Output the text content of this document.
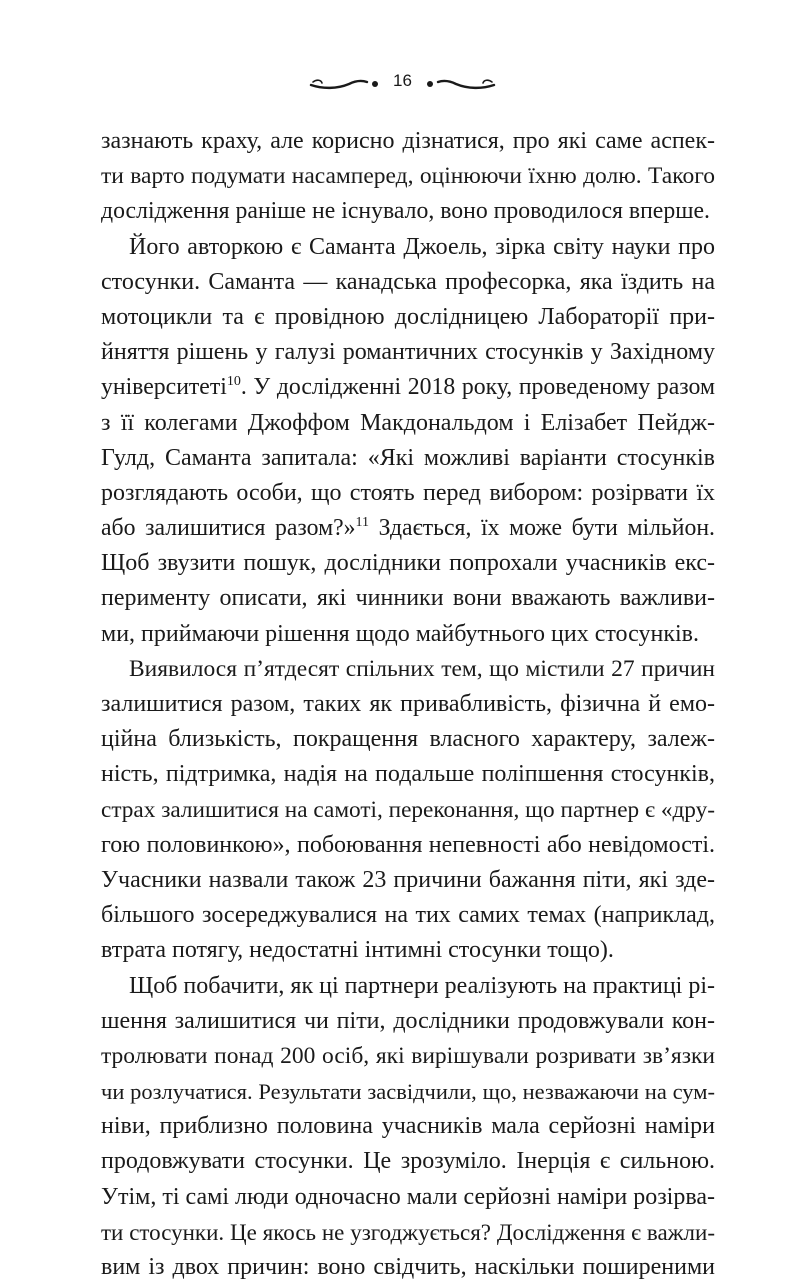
16
зазнають краху, але корисно дізнатися, про які саме аспек-
ти варто подумати насамперед, оцінюючи їхню долю. Такого
дослідження раніше не існувало, воно проводилося вперше.
Його авторкою є Саманта Джоель, зірка світу науки про
стосунки. Саманта — канадська професорка, яка їздить на
мотоцикли та є провідною дослідницею Лабораторії при-
йняття рішень у галузі романтичних стосунків у Західному
університеті$^{10}$. У дослідженні 2018 року, проведеному разом
з її колегами Джоффом Макдональдом і Елізабет Пейдж-
Гулд, Саманта запитала: «Які можливі варіанти стосунків
розглядають особи, що стоять перед вибором: розірвати їх
або залишитися разом?»$^{11}$ Здається, їх може бути мільйон.
Щоб звузити пошук, дослідники попрохали учасників екс-
перименту описати, які чинники вони вважають важливи-
ми, приймаючи рішення щодо майбутнього цих стосунків.
Виявилося п’ятдесят спільних тем, що містили 27 причин
залишитися разом, таких як привабливість, фізична й емо-
ційна близькість, покращення власного характеру, залеж-
ність, підтримка, надія на подальше поліпшення стосунків,
страх залишитися на самоті, переконання, що партнер є «дру-
гою половинкою», побоювання непевності або невідомості.
Учасники назвали також 23 причини бажання піти, які зде-
більшого зосереджувалися на тих самих темах (наприклад,
втрата потягу, недостатні інтимні стосунки тощо).
Щоб побачити, як ці партнери реалізують на практиці рі-
шення залишитися чи піти, дослідники продовжували кон-
тролювати понад 200 осіб, які вирішували розривати зв’язки
чи розлучатися. Результати засвідчили, що, незважаючи на сум-
ніви, приблизно половина учасників мала серйозні наміри
продовжувати стосунки. Це зрозуміло. Інерція є сильною.
Утім, ті самі люди одночасно мали серйозні наміри розірва-
ти стосунки. Це якось не узгоджується? Дослідження є важли-
вим із двох причин: воно свідчить, наскільки поширеними
